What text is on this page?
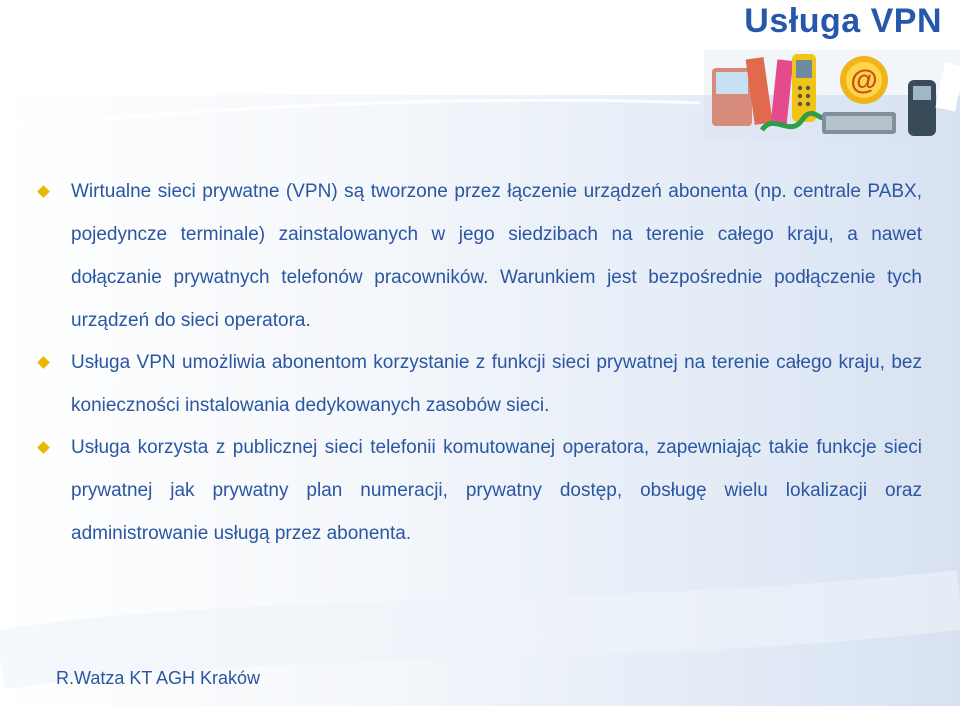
Usługa VPN
@
Wirtualne sieci prywatne (VPN) są tworzone przez łączenie urządzeń abonenta (np. centrale PABX, pojedyncze terminale) zainstalowanych w jego siedzibach na terenie całego kraju, a nawet dołączanie prywatnych telefonów pracowników. Warunkiem jest bezpośrednie podłączenie tych urządzeń do sieci operatora.
Usługa VPN umożliwia abonentom korzystanie z funkcji sieci prywatnej na terenie całego kraju, bez konieczności instalowania dedykowanych zasobów sieci.
Usługa korzysta z publicznej sieci telefonii komutowanej operatora, zapewniając takie funkcje sieci prywatnej jak prywatny plan numeracji, prywatny dostęp, obsługę wielu lokalizacji oraz administrowanie usługą przez abonenta.
R.Watza KT AGH Kraków
